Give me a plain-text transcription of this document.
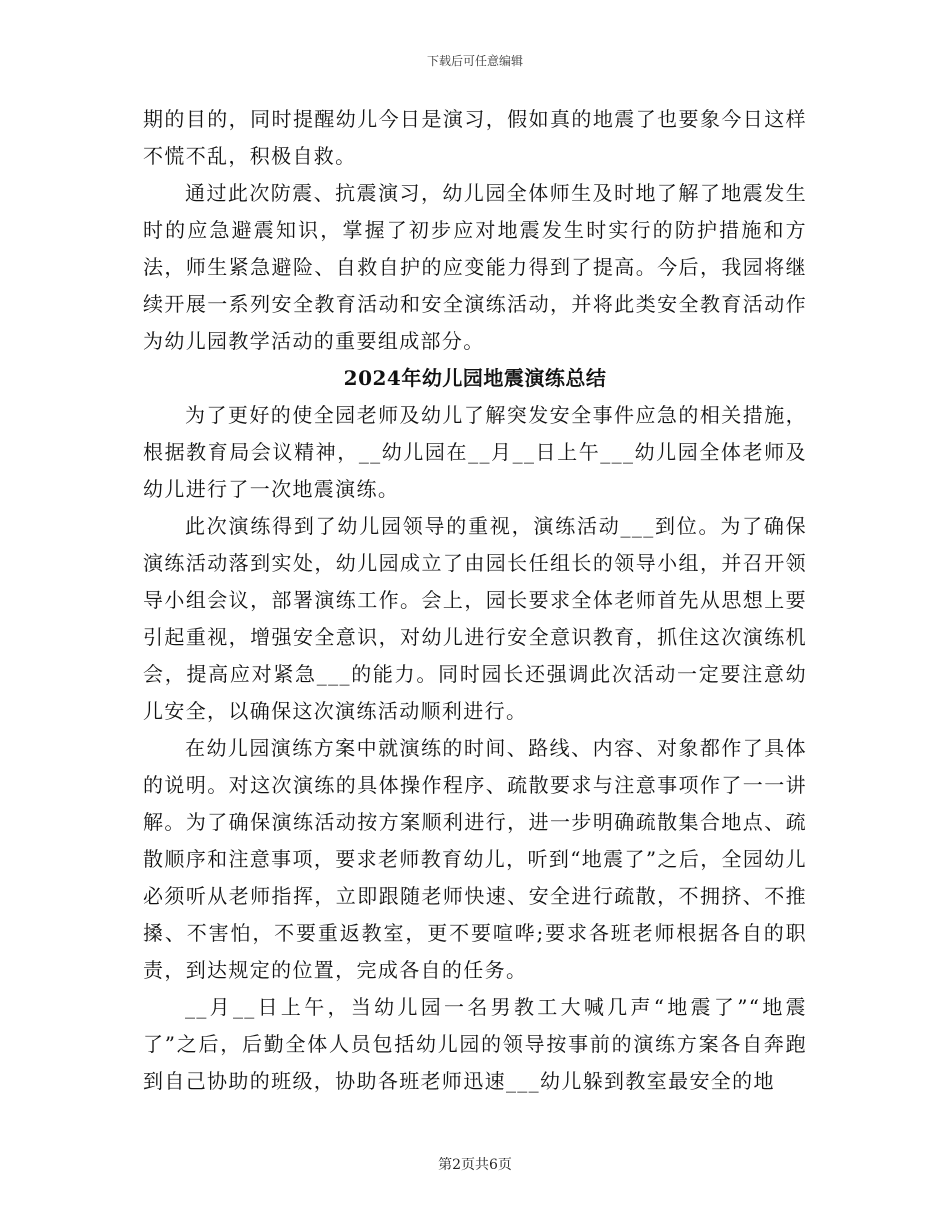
下载后可任意编辑

期的目的，同时提醒幼儿今日是演习，假如真的地震了也要象今日这样不慌不乱，积极自救。

通过此次防震、抗震演习，幼儿园全体师生及时地了解了地震发生时的应急避震知识，掌握了初步应对地震发生时实行的防护措施和方法，师生紧急避险、自救自护的应变能力得到了提高。今后，我园将继续开展一系列安全教育活动和安全演练活动，并将此类安全教育活动作为幼儿园教学活动的重要组成部分。

2024年幼儿园地震演练总结

为了更好的使全园老师及幼儿了解突发安全事件应急的相关措施，根据教育局会议精神，__幼儿园在__月__日上午___幼儿园全体老师及幼儿进行了一次地震演练。

此次演练得到了幼儿园领导的重视，演练活动___到位。为了确保演练活动落到实处，幼儿园成立了由园长任组长的领导小组，并召开领导小组会议，部署演练工作。会上，园长要求全体老师首先从思想上要引起重视，增强安全意识，对幼儿进行安全意识教育，抓住这次演练机会，提高应对紧急___的能力。同时园长还强调此次活动一定要注意幼儿安全，以确保这次演练活动顺利进行。

在幼儿园演练方案中就演练的时间、路线、内容、对象都作了具体的说明。对这次演练的具体操作程序、疏散要求与注意事项作了一一讲解。为了确保演练活动按方案顺利进行，进一步明确疏散集合地点、疏散顺序和注意事项，要求老师教育幼儿，听到“地震了”之后，全园幼儿必须听从老师指挥，立即跟随老师快速、安全进行疏散，不拥挤、不推搡、不害怕，不要重返教室，更不要喧哗;要求各班老师根据各自的职责，到达规定的位置，完成各自的任务。

__月__日上午，当幼儿园一名男教工大喊几声“地震了”“地震了”之后，后勤全体人员包括幼儿园的领导按事前的演练方案各自奔跑到自己协助的班级，协助各班老师迅速___幼儿躲到教室最安全的地

第2页共6页
